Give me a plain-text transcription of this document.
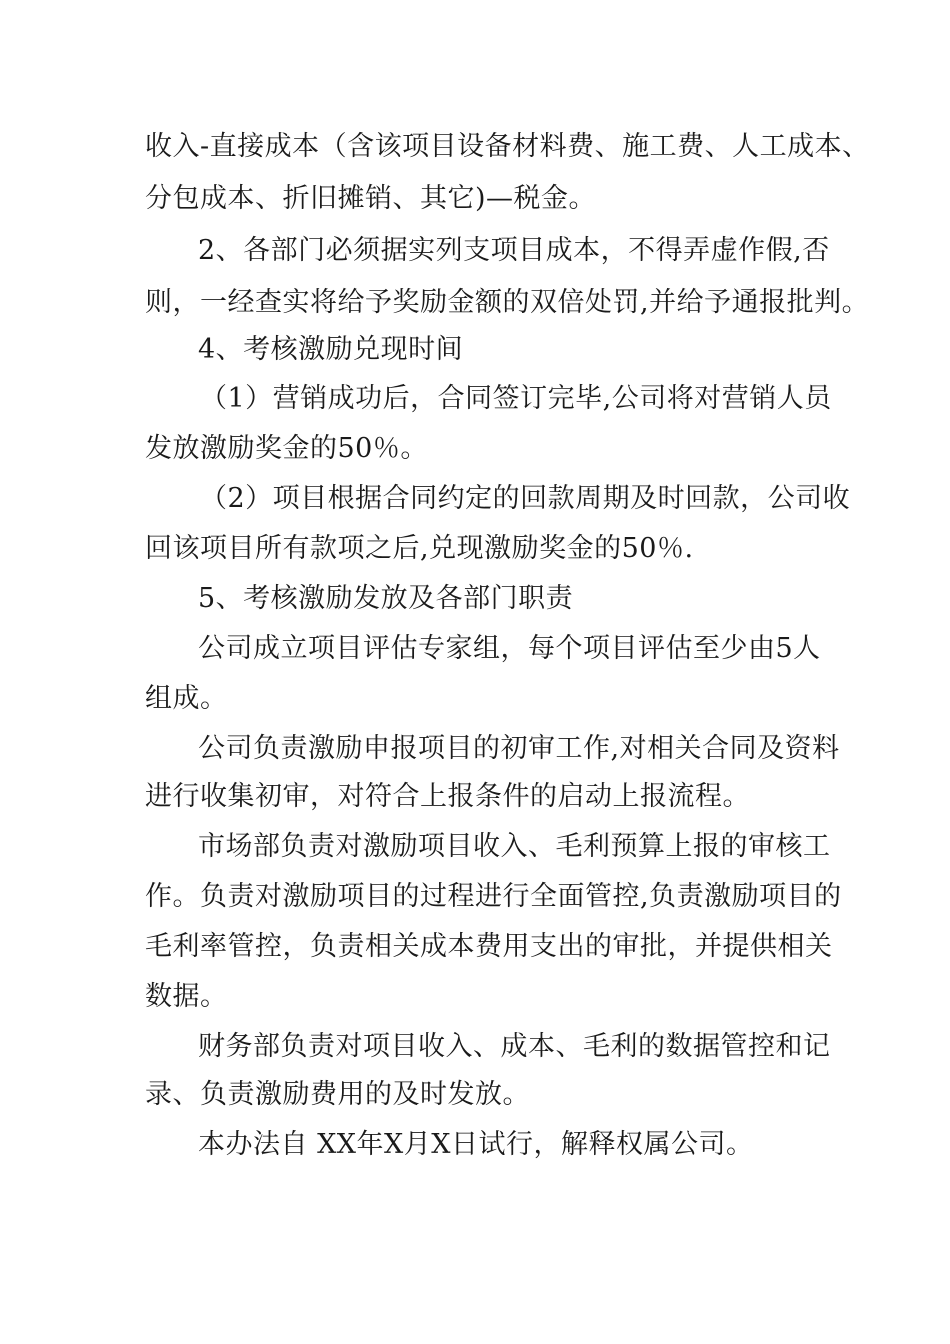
收入-直接成本（含该项目设备材料费、施工费、人工成本、
分包成本、折旧摊销、其它)—税金。
2、各部门必须据实列支项目成本，不得弄虚作假,否
则，一经查实将给予奖励金额的双倍处罚,并给予通报批判。
4、考核激励兑现时间
（1）营销成功后，合同签订完毕,公司将对营销人员
发放激励奖金的50％。
（2）项目根据合同约定的回款周期及时回款，公司收
回该项目所有款项之后,兑现激励奖金的50％.
5、考核激励发放及各部门职责
公司成立项目评估专家组，每个项目评估至少由5人
组成。
公司负责激励申报项目的初审工作,对相关合同及资料
进行收集初审，对符合上报条件的启动上报流程。
市场部负责对激励项目收入、毛利预算上报的审核工
作。负责对激励项目的过程进行全面管控,负责激励项目的
毛利率管控，负责相关成本费用支出的审批，并提供相关
数据。
财务部负责对项目收入、成本、毛利的数据管控和记
录、负责激励费用的及时发放。
本办法自 XX年X月X日试行，解释权属公司。
